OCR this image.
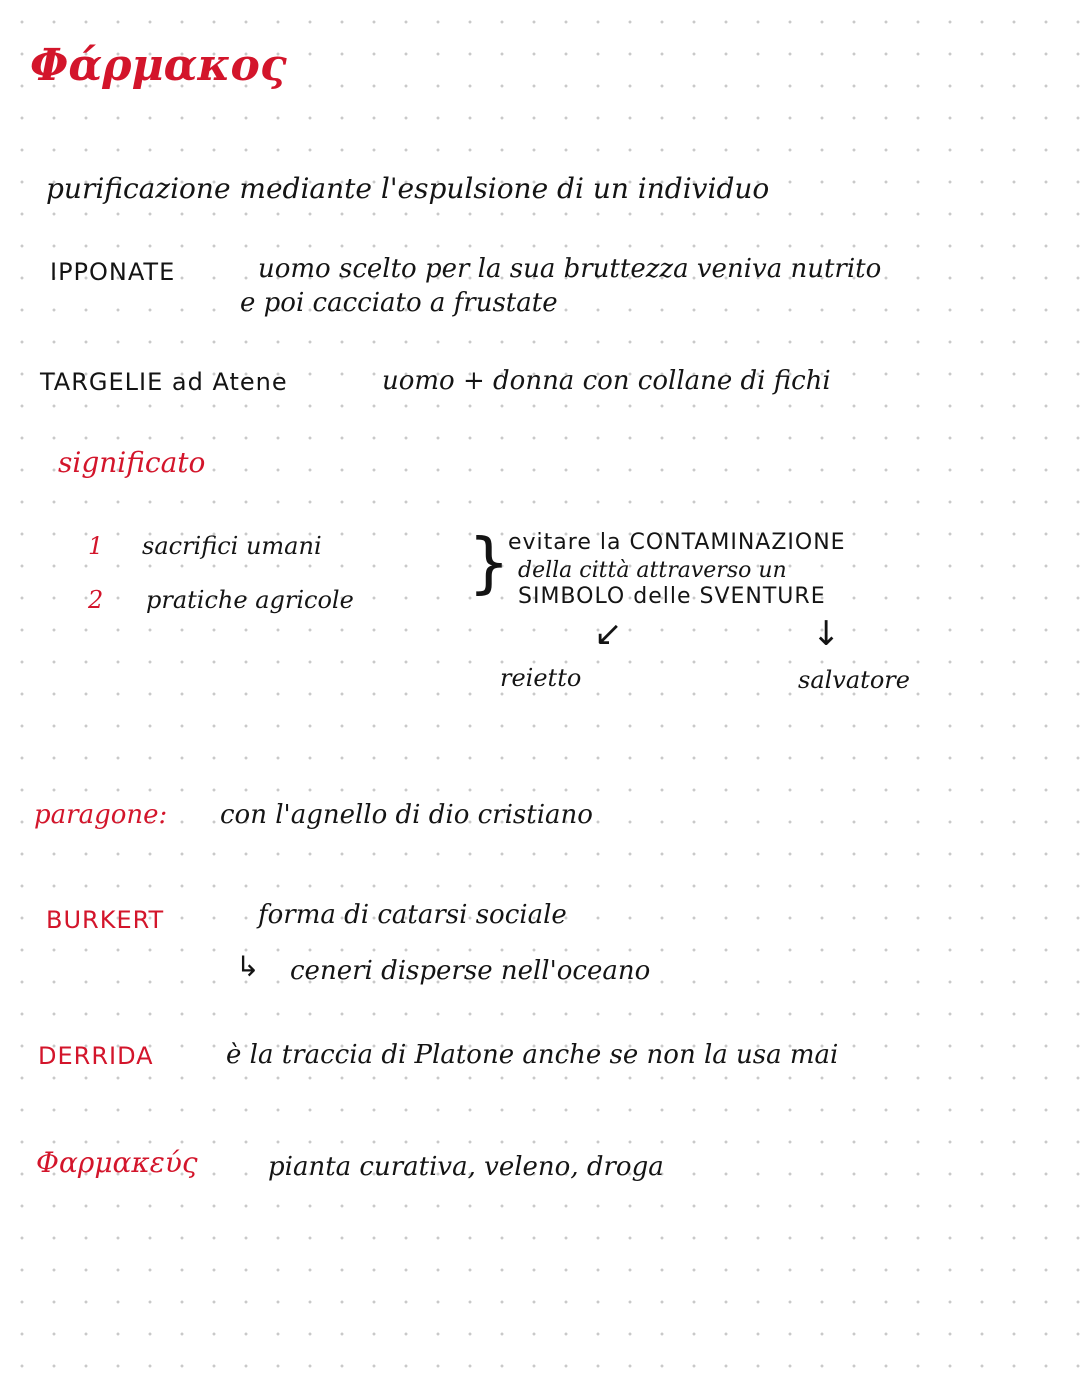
Φάρμακος
purificazione mediante l'espulsione di un individuo
IPPONATE	uomo scelto per la sua bruttezza veniva nutrito
e poi cacciato a frustate
TARGELIE ad Atene	uomo + donna con collane di fichi
significato
1 sacrifici umani
2 pratiche agricole }
evitare la CONTAMINAZIONE
della città attraverso un
SIMBOLO delle SVENTURE
↙	↓
reietto	salvatore
paragone: con l'agnello di dio cristiano
BURKERT	forma di catarsi sociale
↳ ceneri disperse nell'oceano
DERRIDA	è la traccia di Platone anche se non la usa mai
Φαρμακεύς	pianta curativa, veleno, droga
